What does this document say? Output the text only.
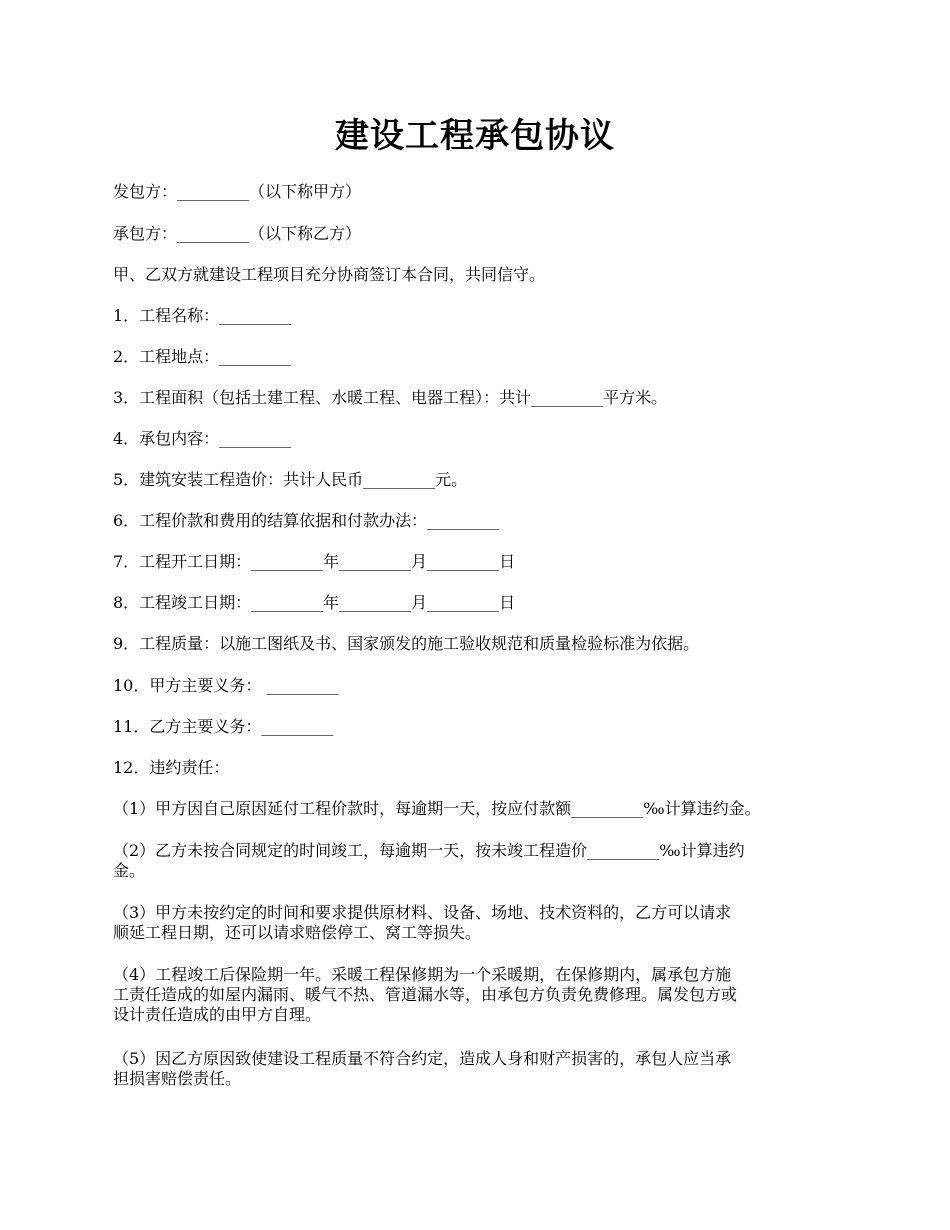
建设工程承包协议
发包方：_________（以下称甲方）
承包方：_________（以下称乙方）
甲、乙双方就建设工程项目充分协商签订本合同，共同信守。
1．工程名称：_________
2．工程地点：_________
3．工程面积（包括土建工程、水暖工程、电器工程）：共计_________平方米。
4．承包内容：_________
5．建筑安装工程造价：共计人民币_________元。
6．工程价款和费用的结算依据和付款办法：_________
7．工程开工日期：_________年_________月_________日
8．工程竣工日期：_________年_________月_________日
9．工程质量：以施工图纸及书、国家颁发的施工验收规范和质量检验标准为依据。
10．甲方主要义务： _________
11．乙方主要义务：_________
12．违约责任：
（1）甲方因自己原因延付工程价款时，每逾期一天，按应付款额_________‰计算违约金。
（2）乙方未按合同规定的时间竣工，每逾期一天，按未竣工程造价_________‰计算违约
金。
（3）甲方未按约定的时间和要求提供原材料、设备、场地、技术资料的，乙方可以请求
顺延工程日期，还可以请求赔偿停工、窝工等损失。
（4）工程竣工后保险期一年。采暖工程保修期为一个采暖期，在保修期内，属承包方施
工责任造成的如屋内漏雨、暖气不热、管道漏水等，由承包方负责免费修理。属发包方或
设计责任造成的由甲方自理。
（5）因乙方原因致使建设工程质量不符合约定，造成人身和财产损害的，承包人应当承
担损害赔偿责任。
